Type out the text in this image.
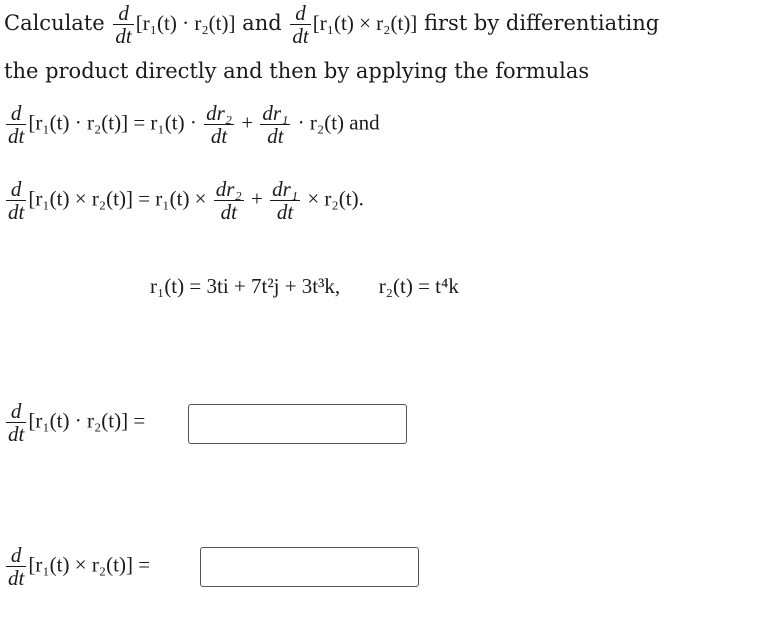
Calculate $\frac{d}{dt} [r_1(t) \cdot r_2(t)]$ and $\frac{d}{dt} [r_1(t) \times r_2(t)]$ first by differentiating
the product directly and then by applying the formulas
$\frac{d}{dt} [r_1(t) \cdot r_2(t)] = r_1(t) \cdot \frac{\text{dr₂}}{dt} + \frac{\text{dr₁}}{dt} \cdot r_2(t)$ and
$\frac{d}{dt} [r_1(t) \times r_2(t)] = r_1(t) \times \frac{\text{dr₂}}{dt} + \frac{\text{dr₁}}{dt} \times r_2(t)$.
r₁(t) = 3ti + 7t²j + 3t³k, r₂(t) = t⁴k
$\frac{d}{dt} [r_1(t) \cdot r_2(t)]$ =
$\frac{d}{dt} [r_1(t) \times r_2(t)]$ =
